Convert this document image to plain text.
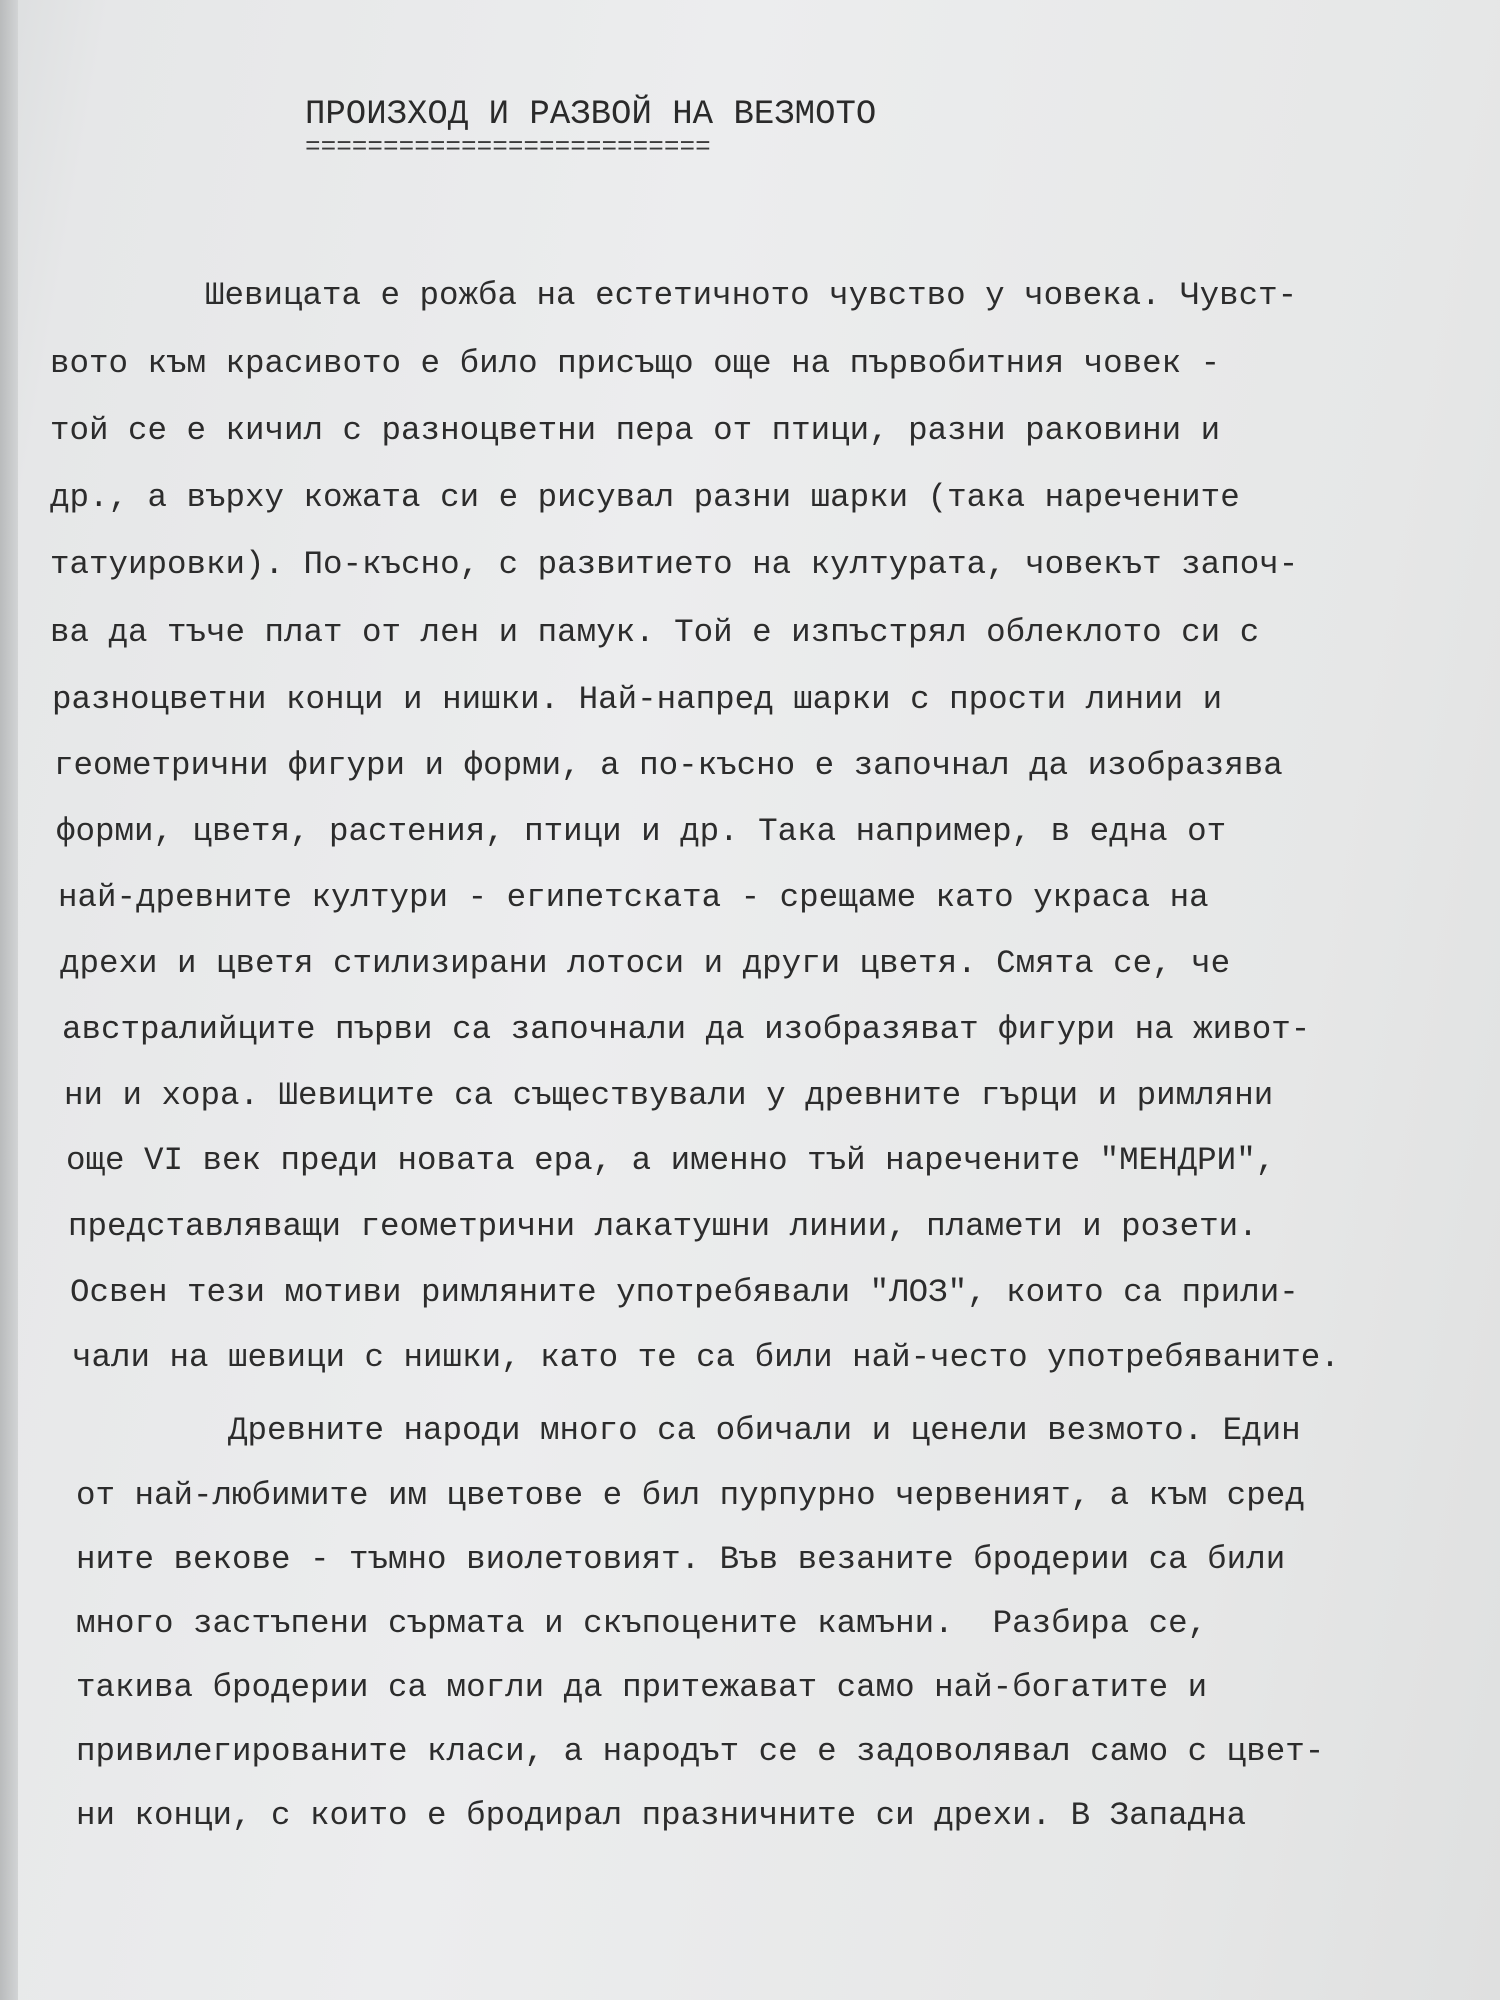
ПРОИЗХОД И РАЗВОЙ НА ВЕЗМОТО
==========================
Шевицата е рожба на естетичното чувство у човека. Чувст-
вото към красивото е било присъщо още на първобитния човек -
той се е кичил с разноцветни пера от птици, разни раковини и
др., а върху кожата си е рисувал разни шарки (така наречените
татуировки). По-късно, с развитието на културата, човекът започ-
ва да тъче плат от лен и памук. Той е изпъстрял облеклото си с
разноцветни конци и нишки. Най-напред шарки с прости линии и
геометрични фигури и форми, а по-късно е започнал да изобразява
форми, цветя, растения, птици и др. Така например, в една от
най-древните култури - египетската - срещаме като украса на
дрехи и цветя стилизирани лотоси и други цветя. Смята се, че
австралийците първи са започнали да изобразяват фигури на живот-
ни и хора. Шевиците са съществували у древните гърци и римляни
още VI век преди новата ера, а именно тъй наречените "МЕНДРИ",
представляващи геометрични лакатушни линии, пламети и розети.
Освен тези мотиви римляните употребявали "ЛОЗ", които са прили-
чали на шевици с нишки, като те са били най-често употребяваните.
Древните народи много са обичали и ценели везмото. Един
от най-любимите им цветове е бил пурпурно червеният, а към сред
ните векове - тъмно виолетовият. Във везаните бродерии са били
много застъпени сърмата и скъпоцените камъни.  Разбира се,
такива бродерии са могли да притежават само най-богатите и
привилегированите класи, а народът се е задоволявал само с цвет-
ни конци, с които е бродирал празничните си дрехи. В Западна
